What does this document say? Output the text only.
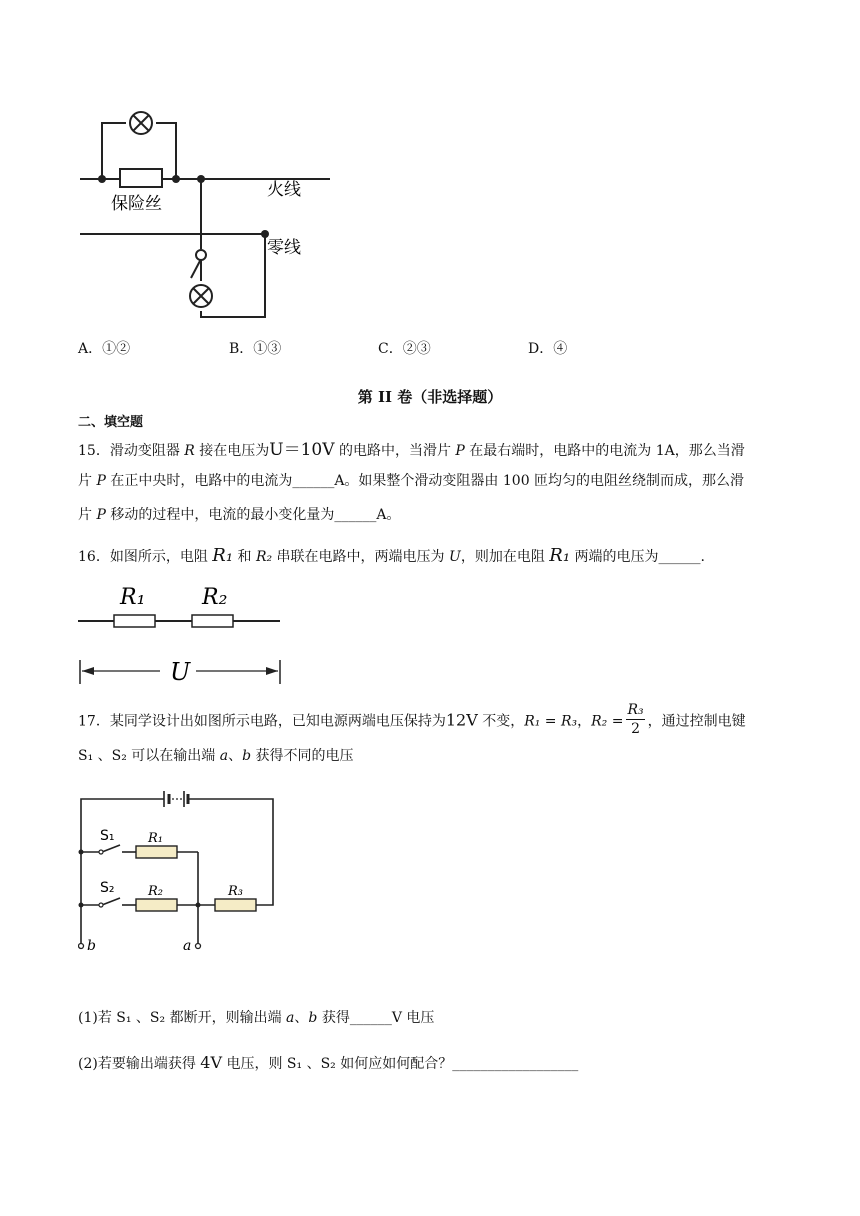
保险丝
火线
零线
A．①②	B．①③	C．②③	D．④
第 II 卷（非选择题）
二、填空题
15．滑动变阻器 R 接在电压为U＝10V 的电路中，当滑片 P 在最右端时，电路中的电流为 1A，那么当滑
片 P 在正中央时，电路中的电流为______A。如果整个滑动变阻器由 100 匝均匀的电阻丝绕制而成，那么滑
片 P 移动的过程中，电流的最小变化量为______A。
16．如图所示，电阻 R₁ 和 R₂ 串联在电路中，两端电压为 U，则加在电阻 R₁ 两端的电压为______.
R₁	R₂
U
17．某同学设计出如图所示电路，已知电源两端电压保持为12V 不变，R₁ = R₃，$R_2 = \frac{\text{R₃}}{2}$ ，通过控制电键
S₁ 、S₂ 可以在输出端 a、b 获得不同的电压
S₁
S₂
R₁
R₂	R₃
b	a
(1)若 S₁ 、S₂ 都断开，则输出端 a、b 获得______V 电压
(2)若要输出端获得 4V 电压，则 S₁ 、S₂ 如何应如何配合？__________________
